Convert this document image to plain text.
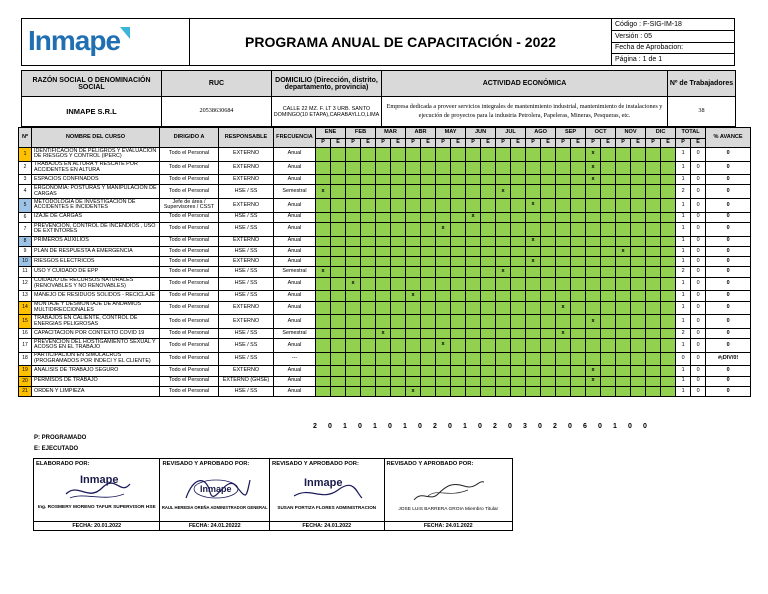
Inmape	PROGRAMA ANUAL DE CAPACITACIÓN - 2022
Código : F-SIG-IM-18
Versión : 05
Fecha de Aprobacion:
Página : 1 de 1
RAZÓN SOCIAL O DENOMINACIÓN SOCIAL	RUC	DOMICILIO (Dirección, distrito, departamento, provincia)	ACTIVIDAD ECONÓMICA	Nº de Trabajadores
INMAPE S.R.L	20538630684	CALLE 22 MZ. F. LT 3 URB. SANTO DOMINGO(10 ETAPA),CARABAYLLO,LIMA	Empresa dedicada a proveer servicios integrales de mantenimiento industrial, mantenimiento de instalaciones y ejecución de proyectos para la industria Petrolera, Papeleras, Mineras, Pesqueras, etc.	38
Nº	NOMBRE DEL CURSO	DIRIGIDO A	RESPONSABLE	FRECUENCIA	ENE		FEB		MAR		ABR		MAY		JUN		JUL		AGO		SEP		OCT		NOV		DIC		TOTAL		% AVANCE
					P	E	P	E	P	E	P	E	P	E	P	E	P	E	P	E	P	E	P	E	P	E	P	E	P	E	
1	IDENTIFICACION DE PELIGROS Y EVALUACION DE RIESGOS Y CONTROL (IPERC)	Todo el Personal	EXTERNO	Anual																			x						1	0	0
2	TRABAJOS EN ALTURA Y RESCATE POR ACCIDENTES EN ALTURA	Todo el Personal	EXTERNO	Anual																			x						1	0	0
3	ESPACIOS CONFINADOS	Todo el Personal	EXTERNO	Anual																			x						1	0	0
4	ERGONOMIA: POSTURAS Y MANIPULACIÓN DE CARGAS	Todo el Personal	HSE / SS	Semestral	x												x												2	0	0
5	METODOLOGIA DE INVESTIGACIÓN DE ACCIDENTES E INCIDENTES	Jefe de área / Supervisores / CSST	EXTERNO	Anual															x										1	0	0
6	IZAJE DE CARGAS	Todo el Personal	HSE / SS	Anual											x														1	0	0
7	PREVENCIÓN, CONTROL DE INCENDIOS , USO DE EXTINTORES	Todo el Personal	HSE / SS	Anual									x																1	0	0
8	PRIMEROS AUXILIOS	Todo el Personal	EXTERNO	Anual															x										1	0	0
9	PLAN DE RESPUESTA A EMERGENCIA	Todo el Personal	HSE / SS	Anual																					x				1	0	0
10	RIESGOS ELECTRICOS	Todo el Personal	EXTERNO	Anual															x										1	0	0
11	USO Y CUIDADO DE EPP	Todo el Personal	HSE / SS	Semestral	x												x												2	0	0
12	CUIDADO DE RECURSOS NATURALES (RENOVABLES Y NO RENOVABLES)	Todo el Personal	HSE / SS	Anual			x																						1	0	0
13	MANEJO DE RESIDUOS SOLIDOS - RECICLAJE	Todo el Personal	HSE / SS	Anual							x																		1	0	0
14	MONTAJE Y DESMONTAJE DE ANDAMIOS MULTIDIRECCIONALES	Todo el Personal	EXTERNO	Anual																	x								1	0	0
15	TRABAJOS EN CALIENTE, CONTROL DE ENERGIAS PELIGROSAS	Todo el Personal	EXTERNO	Anual																			x						1	0	0
16	CAPACITACION POR CONTEXTO COVID 19	Todo el Personal	HSE / SS	Semestral					x												x								2	0	0
17	PREVENCIÓN DEL HOSTIGAMIENTO SEXUAL Y ACOSOS EN EL TRABAJO	Todo el Personal	HSE / SS	Anual									x																1	0	0
18	PARTICIPACION EN SIMULACROS (PROGRAMADOS POR INDECI Y EL CLIENTE)	Todo el Personal	HSE / SS	---																									0	0	#¡DIV/0!
19	ANALISIS DE TRABAJO SEGURO	Todo el Personal	EXTERNO	Anual																			x						1	0	0
20	PERMISOS DE TRABAJO	Todo el Personal	EXTERNO (GHSE)	Anual																			x						1	0	0
21	ORDEN Y LIMPIEZA	Todo el Personal	HSE / SS	Anual							x																		1	0	0
2 0 1 0 1 0 1 0 2 0 1 0 2 0 3 0 2 0 6 0 1 0 0
P: PROGRAMADO
E: EJECUTADO
ELABORADO POR:
Inmape
Ing. ROSMERY MORENO TAFUR SUPERVISOR HSE
FECHA: 20.01.2022
REVISADO Y APROBADO POR:
Inmape
RAUL HEREDIA OREÑA ADMINISTRADOR GENERAL
FECHA: 24.01.20222
REVISADO Y APROBADO POR:
Inmape
SUSAN PORTIZA FLORES ADMINISTRACION
FECHA: 24.01.2022
REVISADO Y APROBADO POR:
JOSE LUIS BARRERA GROIA Miembro Titular
FECHA: 24.01.2022
